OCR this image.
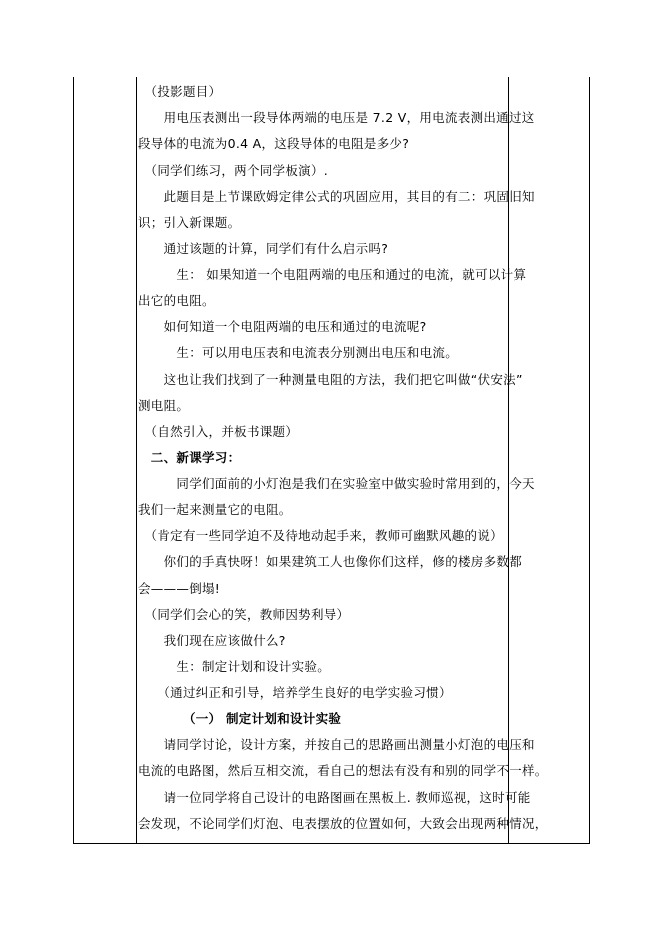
　（投影题目）
　　用电压表测出一段导体两端的电压是 7.2 V，用电流表测出通过这
段导体的电流为0.4 A，这段导体的电阻是多少?
　（同学们练习，两个同学板演）.
　　此题目是上节课欧姆定律公式的巩固应用，其目的有二：巩固旧知
识；引入新课题。
　　通过该题的计算，同学们有什么启示吗?
　　　生： 如果知道一个电阻两端的电压和通过的电流，就可以计算
出它的电阻。
　　如何知道一个电阻两端的电压和通过的电流呢?
　　　生：可以用电压表和电流表分别测出电压和电流。
　　这也让我们找到了一种测量电阻的方法，我们把它叫做“伏安法”
测电阻。
　（自然引入，并板书课题）
　二、新课学习：
　　　同学们面前的小灯泡是我们在实验室中做实验时常用到的，今天
我们一起来测量它的电阻。
　（肯定有一些同学迫不及待地动起手来，教师可幽默风趣的说）
　　你们的手真快呀！如果建筑工人也像你们这样，修的楼房多数都
会———倒塌!
　（同学们会心的笑，教师因势利导）
　　我们现在应该做什么?
　　　生：制定计划和设计实验。
　　（通过纠正和引导，培养学生良好的电学实验习惯）
　　　　（一） 制定计划和设计实验
　　请同学讨论，设计方案，并按自己的思路画出测量小灯泡的电压和
电流的电路图，然后互相交流，看自己的想法有没有和别的同学不一样。
　　请一位同学将自己设计的电路图画在黑板上. 教师巡视，这时可能
会发现，不论同学们灯泡、电表摆放的位置如何，大致会出现两种情况，
